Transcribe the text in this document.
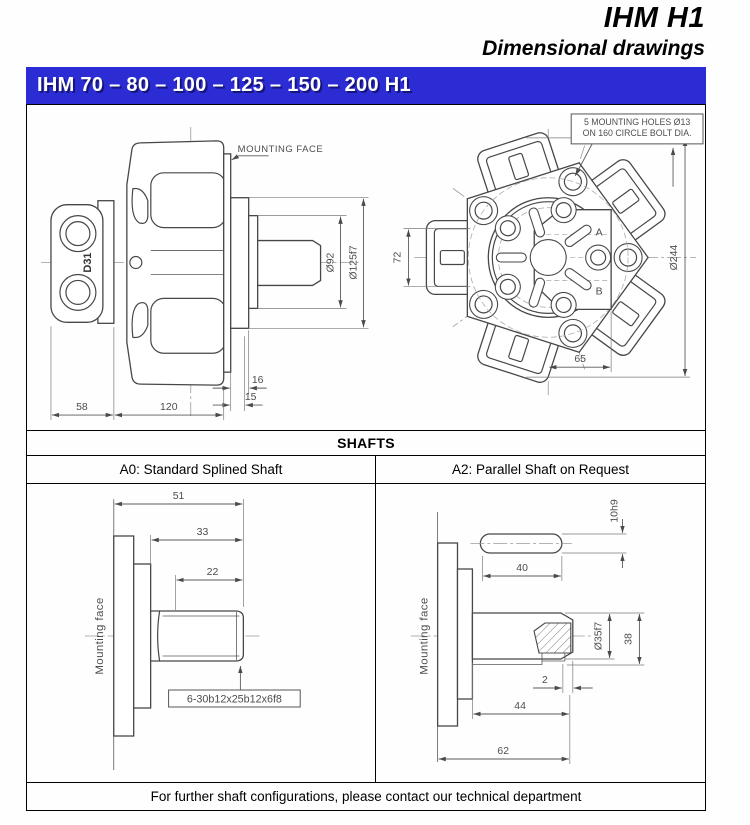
IHM H1
Dimensional drawings
IHM 70 – 80 – 100 – 125 – 150 – 200 H1
D31
MOUNTING FACE
Ø92 Ø125f7
16
15
58	120
A
B
72	Ø244
65
5 MOUNTING HOLES Ø13
ON 160 CIRCLE BOLT DIA.
SHAFTS
A0: Standard Splined Shaft	A2: Parallel Shaft on Request
Mounting face
51
33
22
6-30b12x25b12x6f8
10h9
40
Ø35f7 38
2
44
62
Mounting face
For further shaft configurations, please contact our technical department
